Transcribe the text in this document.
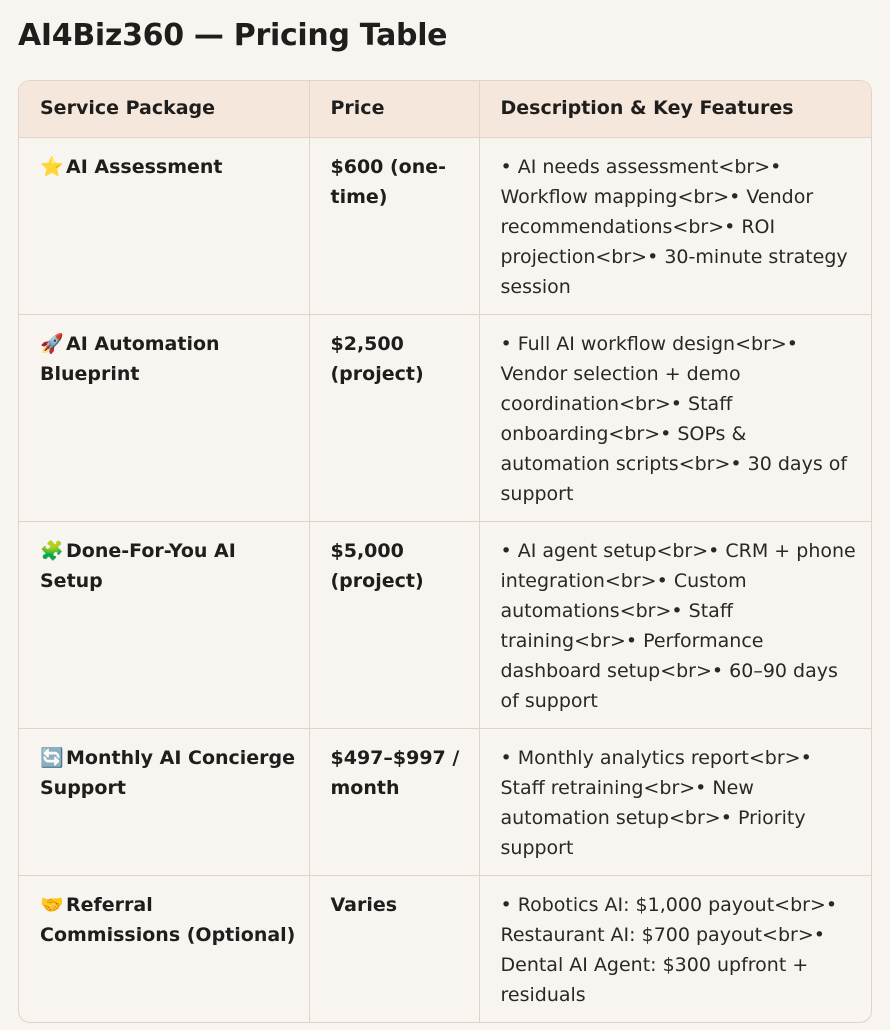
AI4Biz360 — Pricing Table
Service Package	Price	Description & Key Features
⭐ AI Assessment	$600 (one-time)	• AI needs assessment<br>• Workflow mapping<br>• Vendor recommendations<br>• ROI projection<br>• 30-minute strategy session
🚀 AI Automation Blueprint	$2,500 (project)	• Full AI workflow design<br>• Vendor selection + demo coordination<br>• Staff onboarding<br>• SOPs & automation scripts<br>• 30 days of support
🧩 Done-For-You AI Setup	$5,000 (project)	• AI agent setup<br>• CRM + phone integration<br>• Custom automations<br>• Staff training<br>• Performance dashboard setup<br>• 60–90 days of support
🔄 Monthly AI Concierge Support	$497–$997 / month	• Monthly analytics report<br>• Staff retraining<br>• New automation setup<br>• Priority support
🤝 Referral Commissions (Optional)	Varies	• Robotics AI: $1,000 payout<br>• Restaurant AI: $700 payout<br>• Dental AI Agent: $300 upfront + residuals
